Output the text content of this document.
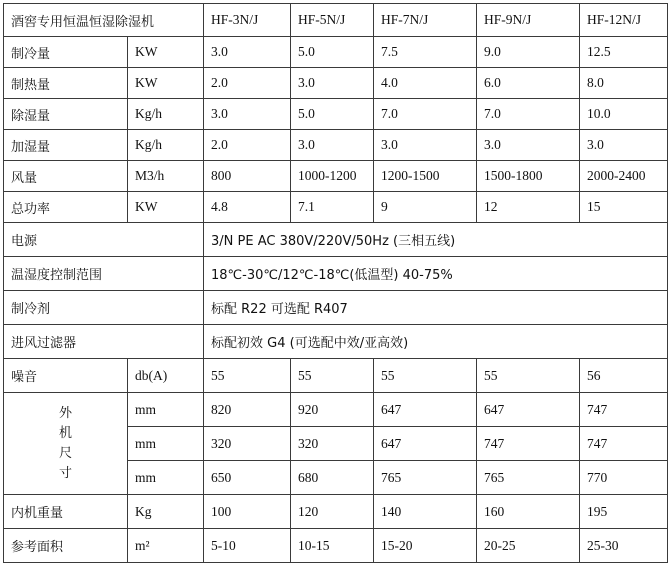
酒窖专用恒温恒湿除湿机		HF-3N/J	HF-5N/J	HF-7N/J	HF-9N/J	HF-12N/J
制冷量	KW	3.0	5.0	7.5	9.0	12.5
制热量	KW	2.0	3.0	4.0	6.0	8.0
除湿量	Kg/h	3.0	5.0	7.0	7.0	10.0
加湿量	Kg/h	2.0	3.0	3.0	3.0	3.0
风量	M3/h	800	1000-1200	1200-1500	1500-1800	2000-2400
总功率	KW	4.8	7.1	9	12	15
电源		3/N PE AC 380V/220V/50Hz (三相五线)				
温湿度控制范围		18℃-30℃/12℃-18℃(低温型) 40-75%				
制冷剂		标配 R22 可选配 R407				
进风过滤器		标配初效 G4 (可选配中效/亚高效)				
噪音	db(A)	55	55	55	55	56

外
机
尺
寸	mm	820	920	647	647	747
	mm	320	320	647	747	747
	mm	650	680	765	765	770
内机重量	Kg	100	120	140	160	195
参考面积	m²	5-10	10-15	15-20	20-25	25-30
